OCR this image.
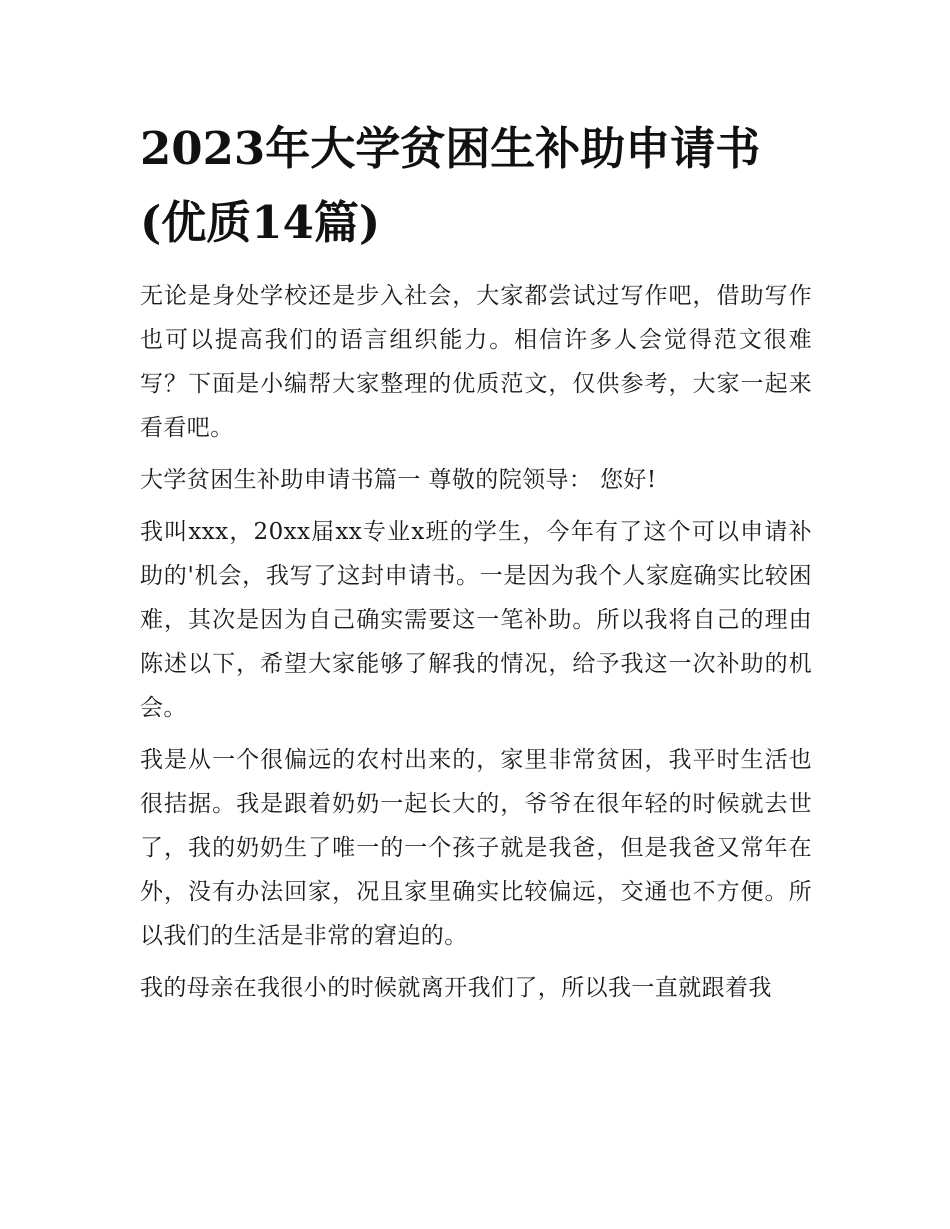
2023年大学贫困生补助申请书(优质14篇)

无论是身处学校还是步入社会，大家都尝试过写作吧，借助写作也可以提高我们的语言组织能力。相信许多人会觉得范文很难写？下面是小编帮大家整理的优质范文，仅供参考，大家一起来看看吧。

大学贫困生补助申请书篇一 尊敬的院领导： 您好!

我叫xxx，20xx届xx专业x班的学生，今年有了这个可以申请补助的'机会，我写了这封申请书。一是因为我个人家庭确实比较困难，其次是因为自己确实需要这一笔补助。所以我将自己的理由陈述以下，希望大家能够了解我的情况，给予我这一次补助的机会。

我是从一个很偏远的农村出来的，家里非常贫困，我平时生活也很拮据。我是跟着奶奶一起长大的，爷爷在很年轻的时候就去世了，我的奶奶生了唯一的一个孩子就是我爸，但是我爸又常年在外，没有办法回家，况且家里确实比较偏远，交通也不方便。所以我们的生活是非常的窘迫的。

我的母亲在我很小的时候就离开我们了，所以我一直就跟着我
